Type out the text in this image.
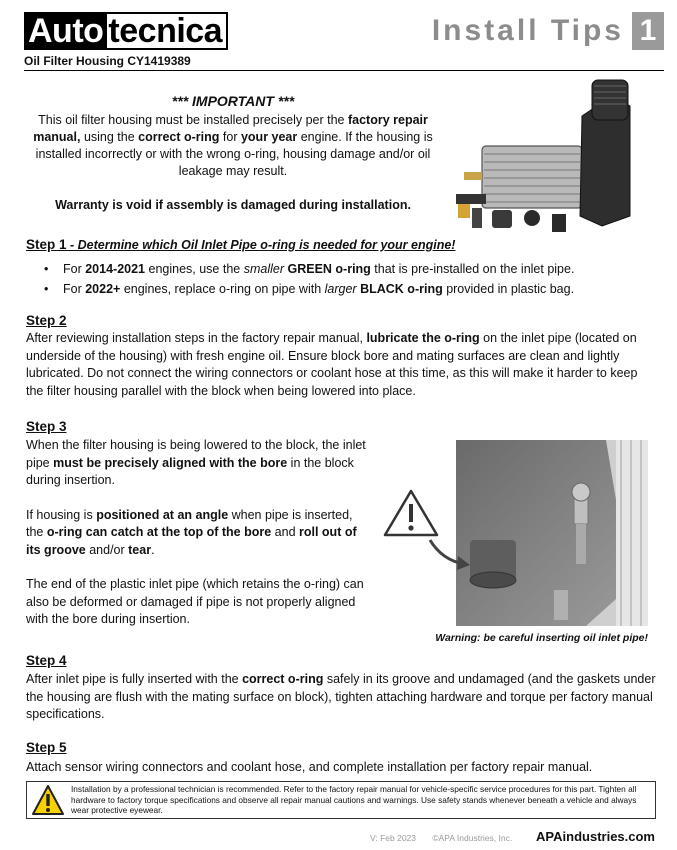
Auto tecnica	Install Tips 1
Oil Filter Housing CY1419389
*** IMPORTANT ***
This oil filter housing must be installed precisely per the factory repair manual, using the correct o-ring for your year engine. If the housing is installed incorrectly or with the wrong o-ring, housing damage and/or oil leakage may result.
Warranty is void if assembly is damaged during installation.
Step 1 - Determine which Oil Inlet Pipe o-ring is needed for your engine!
• For 2014-2021 engines, use the smaller GREEN o-ring that is pre-installed on the inlet pipe.
• For 2022+ engines, replace o-ring on pipe with larger BLACK o-ring provided in plastic bag.
Step 2
After reviewing installation steps in the factory repair manual, lubricate the o-ring on the inlet pipe (located on underside of the housing) with fresh engine oil. Ensure block bore and mating surfaces are clean and lightly lubricated. Do not connect the wiring connectors or coolant hose at this time, as this will make it harder to keep the filter housing parallel with the block when being lowered into place.
Step 3

When the filter housing is being lowered to the block, the inlet pipe must be precisely aligned with the bore in the block during insertion.

If housing is positioned at an angle when pipe is inserted, the o-ring can catch at the top of the bore and roll out of its groove and/or tear.

The end of the plastic inlet pipe (which retains the o-ring) can also be deformed or damaged if pipe is not properly aligned with the bore during insertion.

Warning: be careful inserting oil inlet pipe!
Step 4
After inlet pipe is fully inserted with the correct o-ring safely in its groove and undamaged (and the gaskets under the housing are flush with the mating surface on block), tighten attaching hardware and torque per factory manual specifications.
Step 5
Attach sensor wiring connectors and coolant hose, and complete installation per factory repair manual.
Installation by a professional technician is recommended. Refer to the factory repair manual for vehicle-specific service procedures for this part. Tighten all hardware to factory torque specifications and observe all repair manual cautions and warnings. Use safety stands whenever beneath a vehicle and always wear protective eyewear.
V: Feb 2023 ©APA Industries, Inc.	APAindustries.com
